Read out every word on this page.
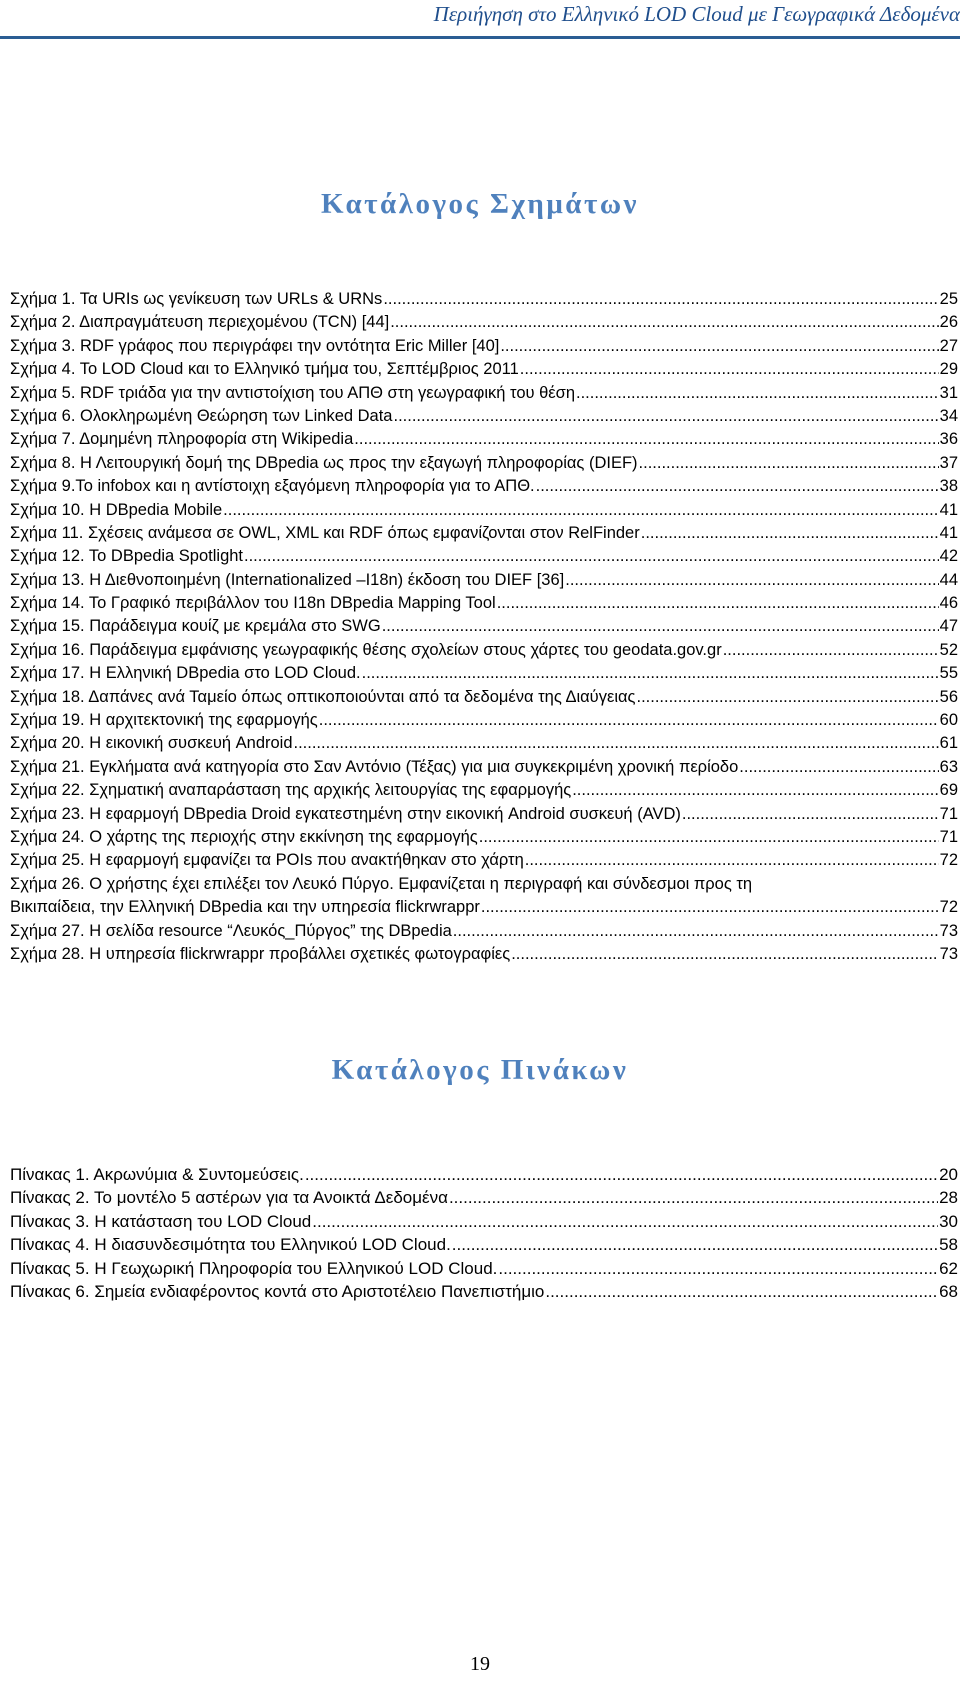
Περιήγηση στο Ελληνικό LOD Cloud με Γεωγραφικά Δεδομένα
Κατάλογος Σχημάτων
Σχήμα 1. Τα URIs ως γενίκευση των URLs & URNs .....	25
Σχήμα 2. Διαπραγμάτευση περιεχομένου (TCN) [44] .....	26
Σχήμα 3. RDF γράφος που περιγράφει την οντότητα Eric Miller [40] .....	27
Σχήμα 4. Το LOD Cloud και το Ελληνικό τμήμα του, Σεπτέμβριος 2011 .....	29
Σχήμα 5. RDF τριάδα για την αντιστοίχιση του ΑΠΘ στη γεωγραφική του θέση .....	31
Σχήμα 6. Ολοκληρωμένη Θεώρηση των Linked Data .....	34
Σχήμα 7. Δομημένη πληροφορία στη Wikipedia .....	36
Σχήμα 8. Η Λειτουργική δομή της DBpedia ως προς την εξαγωγή πληροφορίας (DIEF) .....	37
Σχήμα 9.Το infobox και η αντίστοιχη εξαγόμενη πληροφορία για το ΑΠΘ. .....	38
Σχήμα 10. Η DBpedia Mobile .....	41
Σχήμα 11. Σχέσεις ανάμεσα σε OWL, XML και RDF όπως εμφανίζονται στον RelFinder .....	41
Σχήμα 12. Το DBpedia Spotlight .....	42
Σχήμα 13. Η Διεθνοποιημένη (Internationalized –I18n) έκδοση του DIEF [36] .....	44
Σχήμα 14. Το Γραφικό περιβάλλον του I18n DBpedia Mapping Tool .....	46
Σχήμα 15. Παράδειγμα κουίζ με κρεμάλα στο SWG .....	47
Σχήμα 16. Παράδειγμα εμφάνισης γεωγραφικής θέσης σχολείων στους χάρτες του geodata.gov.gr .....	52
Σχήμα 17. Η Ελληνική DBpedia στο LOD Cloud. .....	55
Σχήμα 18. Δαπάνες ανά Ταμείο όπως οπτικοποιούνται από τα δεδομένα της Διαύγειας .....	56
Σχήμα 19. Η αρχιτεκτονική της εφαρμογής .....	60
Σχήμα 20. Η εικονική συσκευή Android .....	61
Σχήμα 21. Εγκλήματα ανά κατηγορία στο Σαν Αντόνιο (Τέξας) για μια συγκεκριμένη χρονική περίοδο .....	63
Σχήμα 22. Σχηματική αναπαράσταση της αρχικής λειτουργίας της εφαρμογής .....	69
Σχήμα 23. Η εφαρμογή DBpedia Droid εγκατεστημένη στην εικονική Android συσκευή (AVD) .....	71
Σχήμα 24. Ο χάρτης της περιοχής στην εκκίνηση της εφαρμογής .....	71
Σχήμα 25. Η εφαρμογή εμφανίζει τα POIs που ανακτήθηκαν στο χάρτη .....	72
Σχήμα 26. Ο χρήστης έχει επιλέξει τον Λευκό Πύργο. Εμφανίζεται η περιγραφή και σύνδεσμοι προς τη
Βικιπαίδεια, την Ελληνική DBpedia και την υπηρεσία flickrwrappr .....	72
Σχήμα 27. Η σελίδα resource “Λευκός_Πύργος” της DBpedia .....	73
Σχήμα 28. Η υπηρεσία flickrwrappr προβάλλει σχετικές φωτογραφίες .....	73
Κατάλογος Πινάκων
Πίνακας 1. Ακρωνύμια & Συντομεύσεις. .....	20
Πίνακας 2. Το μοντέλο 5 αστέρων για τα Ανοικτά Δεδομένα .....	28
Πίνακας 3. Η κατάσταση του LOD Cloud .....	30
Πίνακας 4. Η διασυνδεσιμότητα του Ελληνικού LOD Cloud. .....	58
Πίνακας 5. Η Γεωχωρική Πληροφορία του Ελληνικού LOD Cloud. .....	62
Πίνακας 6. Σημεία ενδιαφέροντος κοντά στο Αριστοτέλειο Πανεπιστήμιο .....	68
19
